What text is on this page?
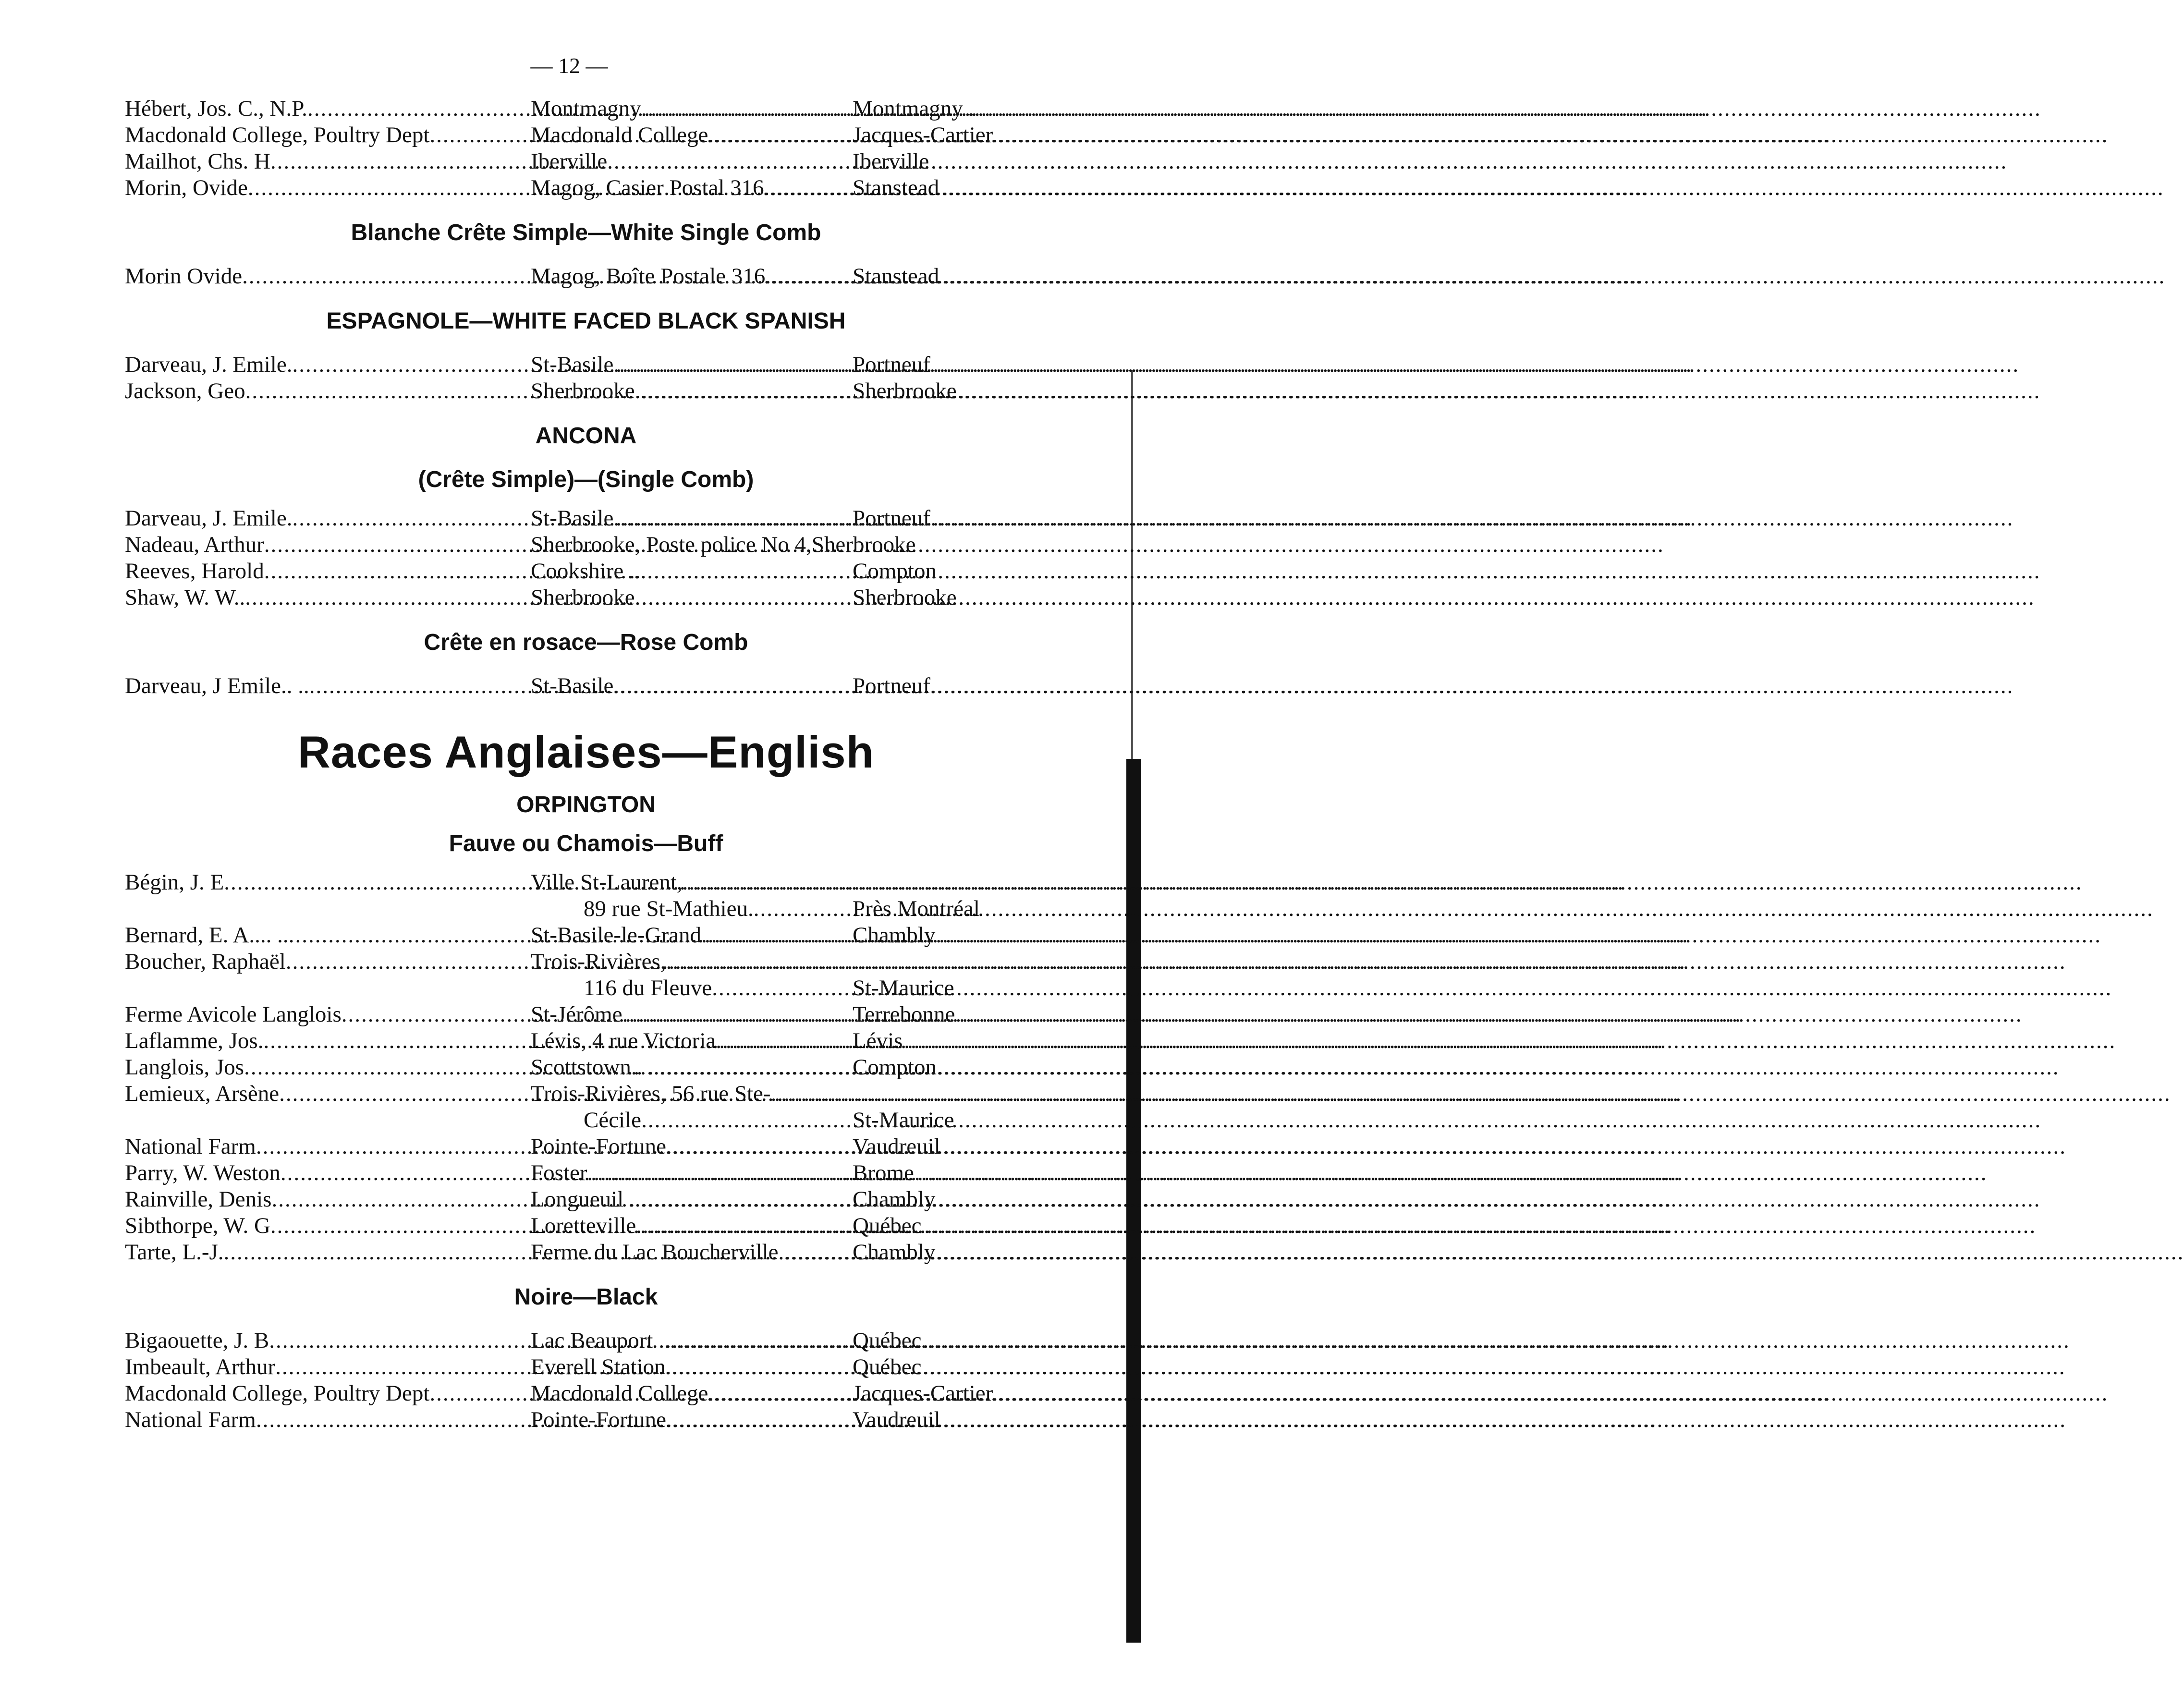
— 12 —
Hébert, Jos. C., N.P. .....	Montmagny .....	Montmagny .
Macdonald College, Poultry Dept .....	Macdonald College .....	Jacques-Cartier
Mailhot, Chs. H .....	Iberville .....	Iberville
Morin, Ovide .....	Magog, Casier Postal 316 .....	Stanstead
Blanche Crête Simple—White Single Comb
Morin Ovide .....	Magog, Boîte Postale 316 .....	Stanstead
ESPAGNOLE—WHITE FACED BLACK SPANISH
Darveau, J. Emile. .....	St-Basile. .....	Portneuf
Jackson, Geo .....	Sherbrooke. .....	Sherbrooke
ANCONA
(Crête Simple)—(Single Comb)
Darveau, J. Emile. .....	St-Basile .....	Portneuf
Nadeau, Arthur .....	Sherbrooke, Poste police No 4,Sherbrooke
Reeves, Harold .....	Cookshire .. .....	Compton
Shaw, W. W.. .....	Sherbrooke .....	Sherbrooke
Crête en rosace—Rose Comb
Darveau, J Emile.. .. .....	St-Basile .....	Portneuf
Races Anglaises—English
ORPINGTON
Fauve ou Chamois—Buff
Bégin, J. E .....	Ville St-Laurent,
.....
89 rue St-Mathieu. .....	Près Montréal
Bernard, E. A.... .. .....	St-Basile-le-Grand .....	Chambly
Boucher, Raphaël .....	Trois-Rivières,
.....
116 du Fleuve .....	St-Maurice
Ferme Avicole Langlois .....	St-Jérôme .....	Terrebonne
Laflamme, Jos. .....	Lévis, 4 rue Victoria .....	Lévis
Langlois, Jos .....	Scottstown.. .. .....	Compton
Lemieux, Arsène .....	Trois-Rivières, 56 rue Ste-
.....
Cécile .....	St-Maurice
National Farm .....	Pointe-Fortune .....	Vaudreuil
Parry, W. Weston .....	Foster .....	Brome
Rainville, Denis .....	Longueuil .. .....	Chambly
Sibthorpe, W. G .....	Loretteville .....	Québec
Tarte, L.-J. .....	Ferme du Lac Boucherville. .....	Chambly
Noire—Black
Bigaouette, J. B .....	Lac Beauport .. .....	Québec
Imbeault, Arthur .....	Everell Station .....	Québec
Macdonald College, Poultry Dept .....	Macdonald College .....	Jacques-Cartier
National Farm .....	Pointe-Fortune .....	Vaudreuil
